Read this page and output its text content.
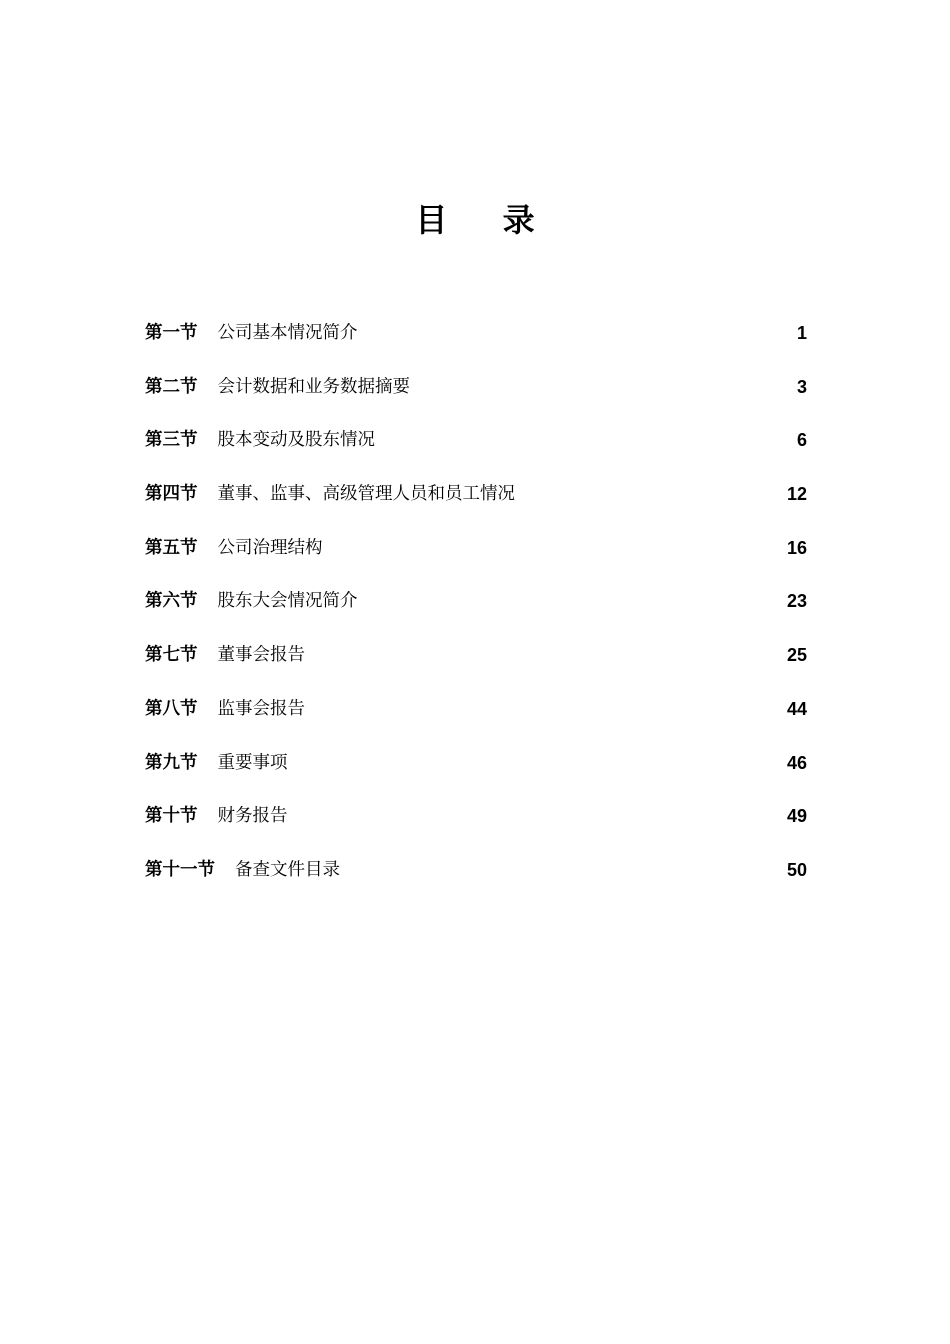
目 录
第一节 公司基本情况简介	1
第二节 会计数据和业务数据摘要	3
第三节 股本变动及股东情况	6
第四节 董事、监事、高级管理人员和员工情况	12
第五节 公司治理结构	16
第六节 股东大会情况简介	23
第七节 董事会报告	25
第八节 监事会报告	44
第九节 重要事项	46
第十节 财务报告	49
第十一节 备查文件目录	50
